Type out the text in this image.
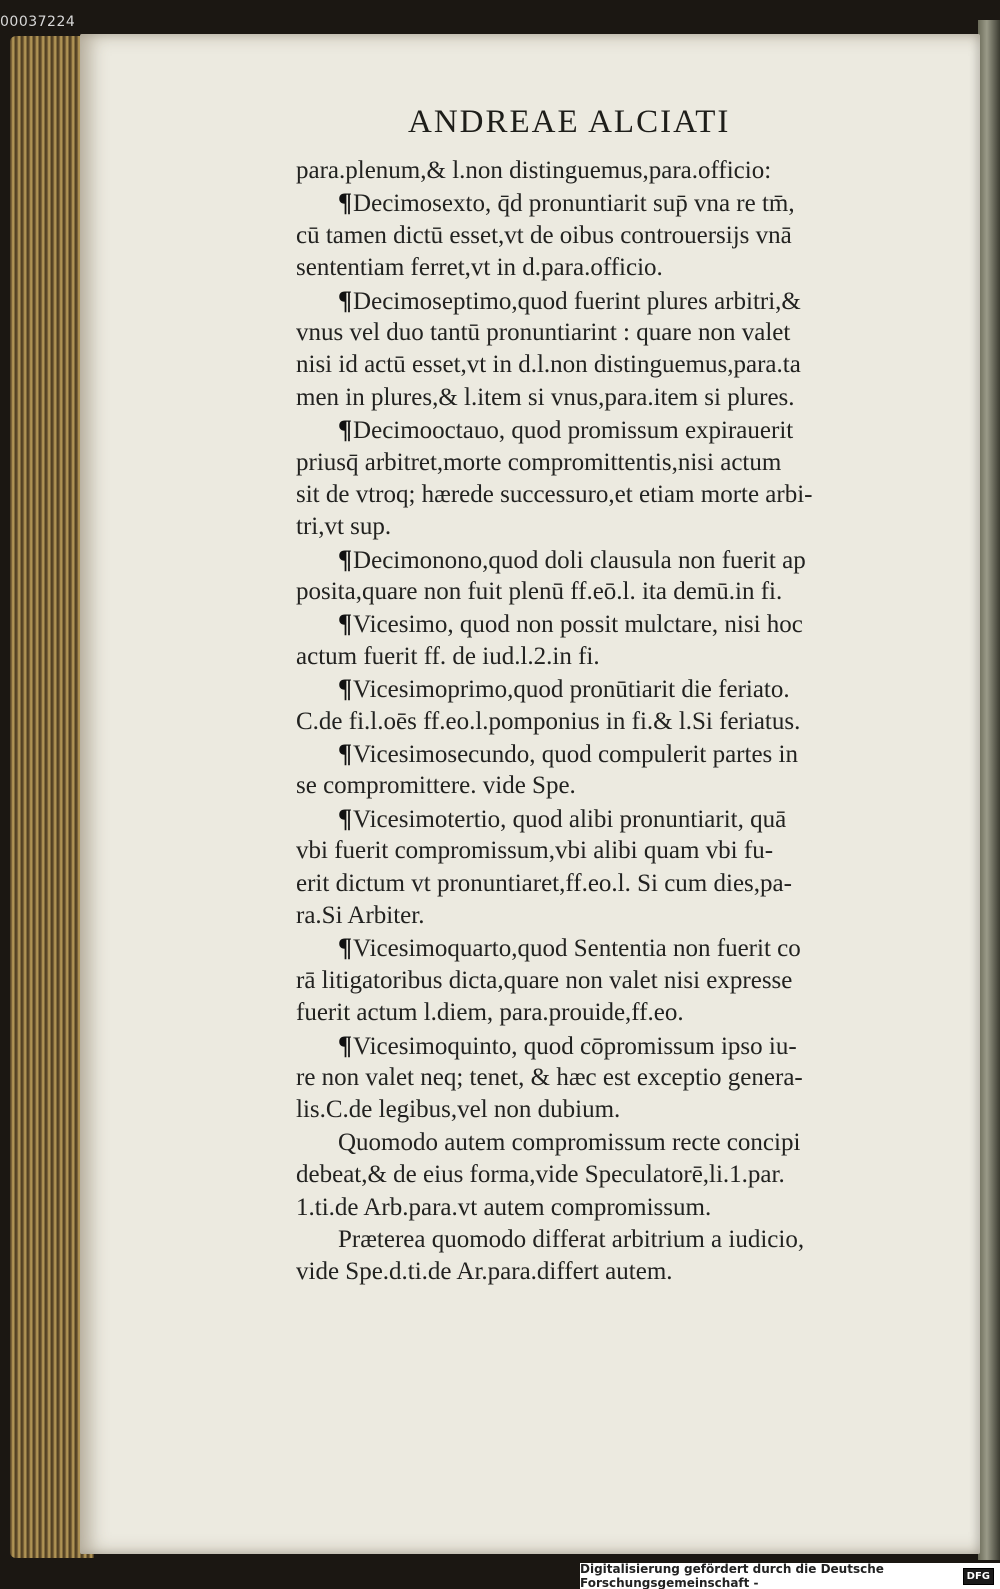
00037224
ANDREAE ALCIATI
para.plenum,& l.non distinguemus,para.officio:
¶Decimosexto, q̄d pronuntiarit sup̄ vna re tm̄,
cū tamen dictū esset,vt de oibus controuersijs vnā
sententiam ferret,vt in d.para.officio.
¶Decimoseptimo,quod fuerint plures arbitri,&
vnus vel duo tantū pronuntiarint : quare non valet
nisi id actū esset,vt in d.l.non distinguemus,para.ta
men in plures,& l.item si vnus,para.item si plures.
¶Decimooctauo, quod promissum expirauerit
priusq̄ arbitret,morte compromittentis,nisi actum
sit de vtroq; hærede successuro,et etiam morte arbi-
tri,vt sup.
¶Decimonono,quod doli clausula non fuerit ap
posita,quare non fuit plenū ff.eō.l. ita demū.in fi.
¶Vicesimo, quod non possit mulctare, nisi hoc
actum fuerit ff. de iud.l.2.in fi.
¶Vicesimoprimo,quod pronūtiarit die feriato.
C.de fi.l.oēs ff.eo.l.pomponius in fi.& l.Si feriatus.
¶Vicesimosecundo, quod compulerit partes in
se compromittere. vide Spe.
¶Vicesimotertio, quod alibi pronuntiarit, quā
vbi fuerit compromissum,vbi alibi quam vbi fu-
erit dictum vt pronuntiaret,ff.eo.l. Si cum dies,pa-
ra.Si Arbiter.
¶Vicesimoquarto,quod Sententia non fuerit co
rā litigatoribus dicta,quare non valet nisi expresse
fuerit actum l.diem, para.prouide,ff.eo.
¶Vicesimoquinto, quod cōpromissum ipso iu-
re non valet neq; tenet, & hæc est exceptio genera-
lis.C.de legibus,vel non dubium.
Quomodo autem compromissum recte concipi
debeat,& de eius forma,vide Speculatorē,li.1.par.
1.ti.de Arb.para.vt autem compromissum.
Præterea quomodo differat arbitrium a iudicio,
vide Spe.d.ti.de Ar.para.differt autem.
Digitalisierung gefördert durch die Deutsche Forschungsgemeinschaft -	DFG
